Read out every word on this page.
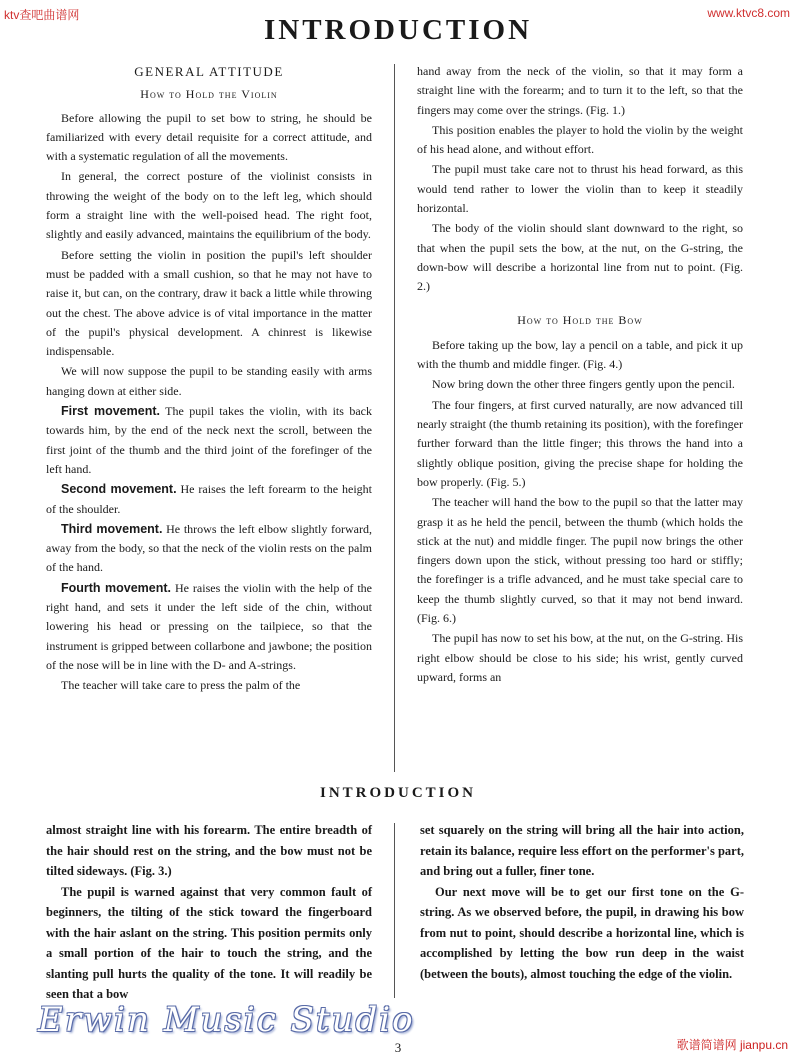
ktv查吧曲谱网	www.ktvc8.com
INTRODUCTION
GENERAL ATTITUDE
How to Hold the Violin

Before allowing the pupil to set bow to string, he should be familiarized with every detail requisite for a correct attitude, and with a systematic regulation of all the movements.

In general, the correct posture of the violinist consists in throwing the weight of the body on to the left leg, which should form a straight line with the well-poised head. The right foot, slightly and easily advanced, maintains the equilibrium of the body.

Before setting the violin in position the pupil's left shoulder must be padded with a small cushion, so that he may not have to raise it, but can, on the contrary, draw it back a little while throwing out the chest. The above advice is of vital importance in the matter of the pupil's physical development. A chinrest is likewise indispensable.

We will now suppose the pupil to be standing easily with arms hanging down at either side.

First movement. The pupil takes the violin, with its back towards him, by the end of the neck next the scroll, between the first joint of the thumb and the third joint of the forefinger of the left hand.

Second movement. He raises the left forearm to the height of the shoulder.

Third movement. He throws the left elbow slightly forward, away from the body, so that the neck of the violin rests on the palm of the hand.

Fourth movement. He raises the violin with the help of the right hand, and sets it under the left side of the chin, without lowering his head or pressing on the tailpiece, so that the instrument is gripped between collarbone and jawbone; the position of the nose will be in line with the D- and A-strings.

The teacher will take care to press the palm of the

hand away from the neck of the violin, so that it may form a straight line with the forearm; and to turn it to the left, so that the fingers may come over the strings. (Fig. 1.)

This position enables the player to hold the violin by the weight of his head alone, and without effort.

The pupil must take care not to thrust his head forward, as this would tend rather to lower the violin than to keep it steadily horizontal.

The body of the violin should slant downward to the right, so that when the pupil sets the bow, at the nut, on the G-string, the down-bow will describe a horizontal line from nut to point. (Fig. 2.)

How to Hold the Bow

Before taking up the bow, lay a pencil on a table, and pick it up with the thumb and middle finger. (Fig. 4.)

Now bring down the other three fingers gently upon the pencil.

The four fingers, at first curved naturally, are now advanced till nearly straight (the thumb retaining its position), with the forefinger further forward than the little finger; this throws the hand into a slightly oblique position, giving the precise shape for holding the bow properly. (Fig. 5.)

The teacher will hand the bow to the pupil so that the latter may grasp it as he held the pencil, between the thumb (which holds the stick at the nut) and middle finger. The pupil now brings the other fingers down upon the stick, without pressing too hard or stiffly; the forefinger is a trifle advanced, and he must take special care to keep the thumb slightly curved, so that it may not bend inward. (Fig. 6.)

The pupil has now to set his bow, at the nut, on the G-string. His right elbow should be close to his side; his wrist, gently curved upward, forms an

INTRODUCTION

almost straight line with his forearm. The entire breadth of the hair should rest on the string, and the bow must not be tilted sideways. (Fig. 3.)

The pupil is warned against that very common fault of beginners, the tilting of the stick toward the fingerboard with the hair aslant on the string. This position permits only a small portion of the hair to touch the string, and the slanting pull hurts the quality of the tone. It will readily be seen that a bow

set squarely on the string will bring all the hair into action, retain its balance, require less effort on the performer's part, and bring out a fuller, finer tone.

Our next move will be to get our first tone on the G-string. As we observed before, the pupil, in drawing his bow from nut to point, should describe a horizontal line, which is accomplished by letting the bow run deep in the waist (between the bouts), almost touching the edge of the violin.

Erwin Music Studio
3	歌谱简谱网 jianpu.cn
